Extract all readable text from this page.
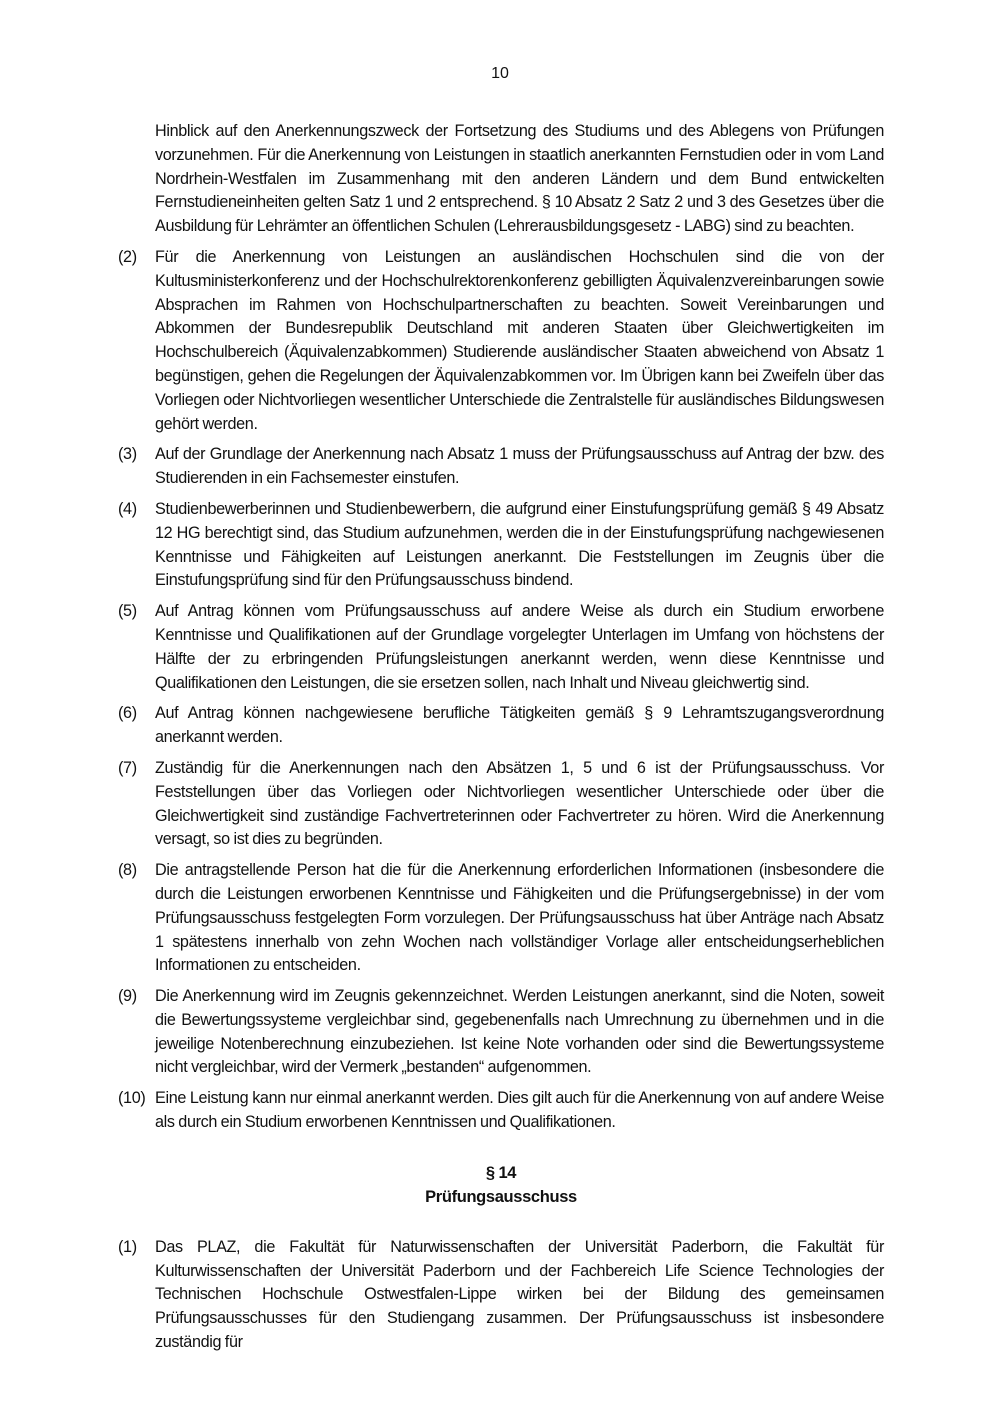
10

Hinblick auf den Anerkennungszweck der Fortsetzung des Studiums und des Ablegens von Prüfungen vorzunehmen. Für die Anerkennung von Leistungen in staatlich anerkannten Fernstudien oder in vom Land Nordrhein-Westfalen im Zusammenhang mit den anderen Ländern und dem Bund entwickelten Fernstudieneinheiten gelten Satz 1 und 2 entsprechend. § 10 Absatz 2 Satz 2 und 3 des Gesetzes über die Ausbildung für Lehrämter an öffentlichen Schulen (Lehrerausbildungsgesetz - LABG) sind zu beachten.

(2)	Für die Anerkennung von Leistungen an ausländischen Hochschulen sind die von der Kultusministerkonferenz und der Hochschulrektorenkonferenz gebilligten Äquivalenzvereinbarungen sowie Absprachen im Rahmen von Hochschulpartnerschaften zu beachten. Soweit Vereinbarungen und Abkommen der Bundesrepublik Deutschland mit anderen Staaten über Gleichwertigkeiten im Hochschulbereich (Äquivalenzabkommen) Studierende ausländischer Staaten abweichend von Absatz 1 begünstigen, gehen die Regelungen der Äquivalenzabkommen vor. Im Übrigen kann bei Zweifeln über das Vorliegen oder Nichtvorliegen wesentlicher Unterschiede die Zentralstelle für ausländisches Bildungswesen gehört werden.
(3)	Auf der Grundlage der Anerkennung nach Absatz 1 muss der Prüfungsausschuss auf Antrag der bzw. des Studierenden in ein Fachsemester einstufen.
(4)	Studienbewerberinnen und Studienbewerbern, die aufgrund einer Einstufungsprüfung gemäß § 49 Absatz 12 HG berechtigt sind, das Studium aufzunehmen, werden die in der Einstufungsprüfung nachgewiesenen Kenntnisse und Fähigkeiten auf Leistungen anerkannt. Die Feststellungen im Zeugnis über die Einstufungsprüfung sind für den Prüfungsausschuss bindend.
(5)	Auf Antrag können vom Prüfungsausschuss auf andere Weise als durch ein Studium erworbene Kenntnisse und Qualifikationen auf der Grundlage vorgelegter Unterlagen im Umfang von höchstens der Hälfte der zu erbringenden Prüfungsleistungen anerkannt werden, wenn diese Kenntnisse und Qualifikationen den Leistungen, die sie ersetzen sollen, nach Inhalt und Niveau gleichwertig sind.
(6)	Auf Antrag können nachgewiesene berufliche Tätigkeiten gemäß § 9 Lehramtszugangsverordnung anerkannt werden.
(7)	Zuständig für die Anerkennungen nach den Absätzen 1, 5 und 6 ist der Prüfungsausschuss. Vor Feststellungen über das Vorliegen oder Nichtvorliegen wesentlicher Unterschiede oder über die Gleichwertigkeit sind zuständige Fachvertreterinnen oder Fachvertreter zu hören. Wird die Anerkennung versagt, so ist dies zu begründen.
(8)	Die antragstellende Person hat die für die Anerkennung erforderlichen Informationen (insbesondere die durch die Leistungen erworbenen Kenntnisse und Fähigkeiten und die Prüfungsergebnisse) in der vom Prüfungsausschuss festgelegten Form vorzulegen. Der Prüfungsausschuss hat über Anträge nach Absatz 1 spätestens innerhalb von zehn Wochen nach vollständiger Vorlage aller entscheidungserheblichen Informationen zu entscheiden.
(9)	Die Anerkennung wird im Zeugnis gekennzeichnet. Werden Leistungen anerkannt, sind die Noten, soweit die Bewertungssysteme vergleichbar sind, gegebenenfalls nach Umrechnung zu übernehmen und in die jeweilige Notenberechnung einzubeziehen. Ist keine Note vorhanden oder sind die Bewertungssysteme nicht vergleichbar, wird der Vermerk „bestanden“ aufgenommen.
(10) Eine Leistung kann nur einmal anerkannt werden. Dies gilt auch für die Anerkennung von auf andere Weise als durch ein Studium erworbenen Kenntnissen und Qualifikationen.
§ 14
Prüfungsausschuss
(1)	Das PLAZ, die Fakultät für Naturwissenschaften der Universität Paderborn, die Fakultät für Kulturwissenschaften der Universität Paderborn und der Fachbereich Life Science Technologies der Technischen Hochschule Ostwestfalen-Lippe wirken bei der Bildung des gemeinsamen Prüfungsausschusses für den Studiengang zusammen. Der Prüfungsausschuss ist insbesondere zuständig für
